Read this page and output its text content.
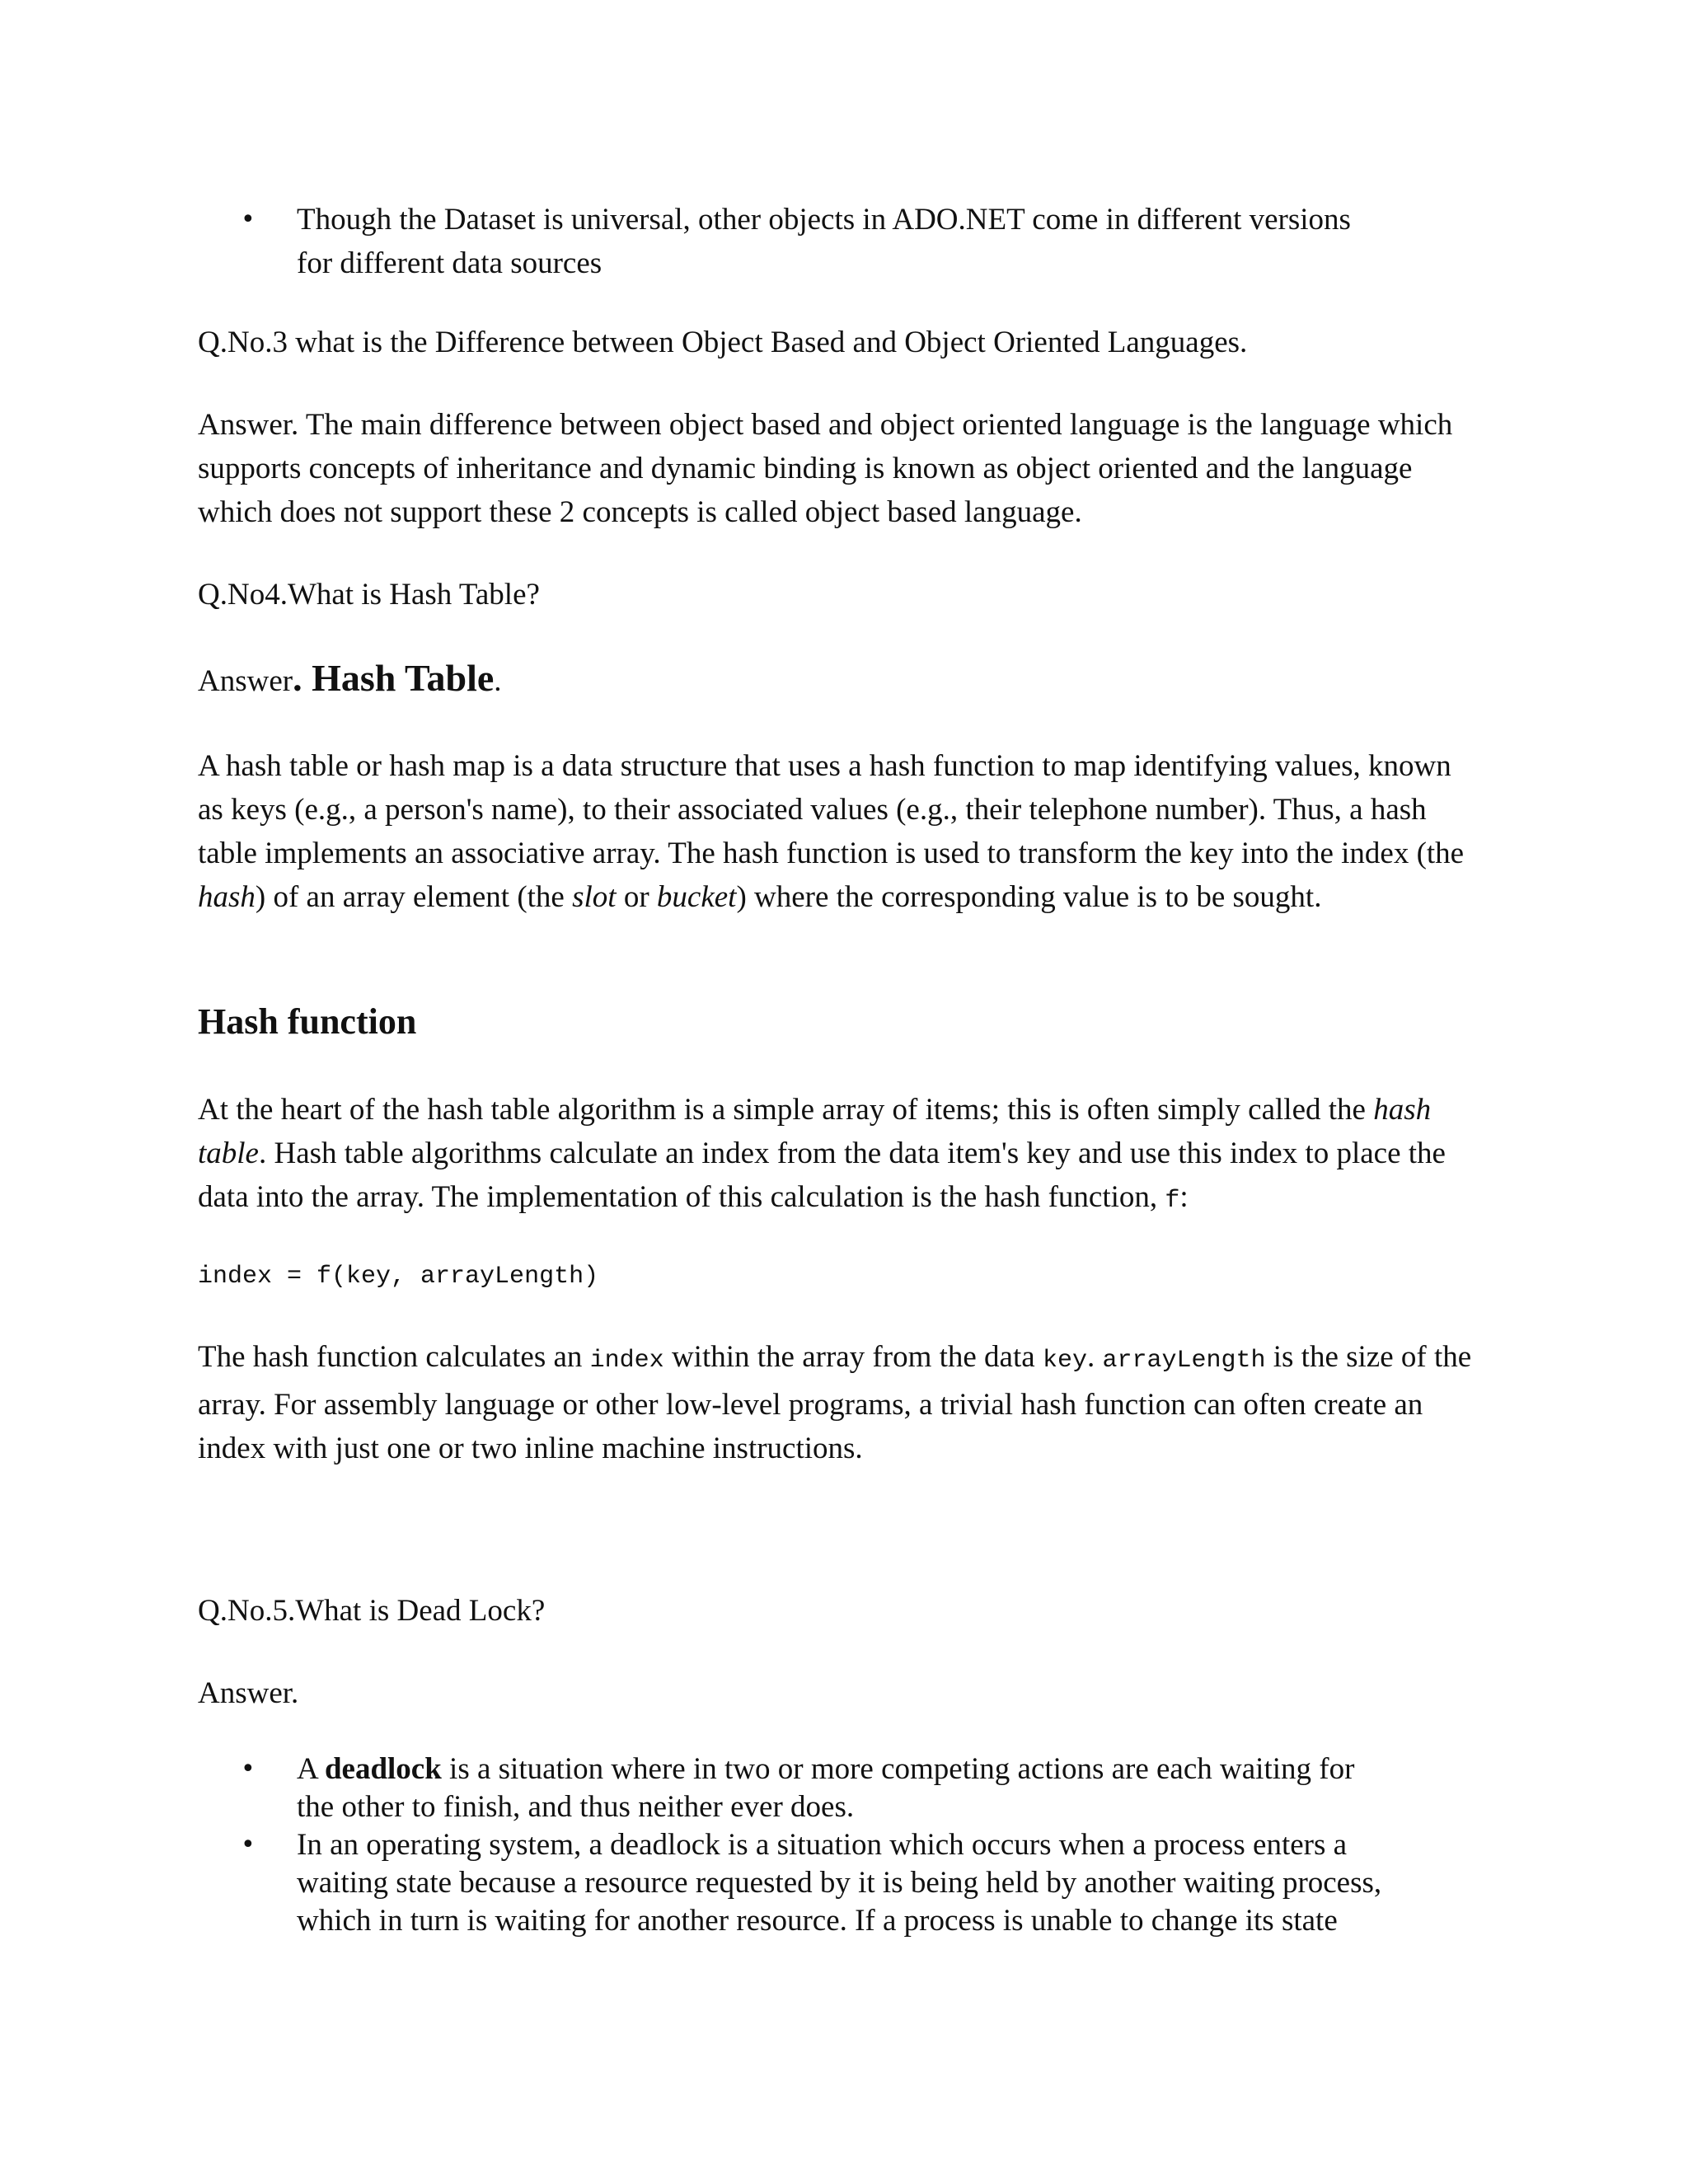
• Though the Dataset is universal, other objects in ADO.NET come in different versions
for different data sources

Q.No.3 what is the Difference between Object Based and Object Oriented Languages.

Answer. The main difference between object based and object oriented language is the language which supports concepts of inheritance and dynamic binding is known as object oriented and the language which does not support these 2 concepts is called object based language.

Q.No4.What is Hash Table?

Answer. Hash Table.

A hash table or hash map is a data structure that uses a hash function to map identifying values, known as keys (e.g., a person's name), to their associated values (e.g., their telephone number). Thus, a hash table implements an associative array. The hash function is used to transform the key into the index (the hash) of an array element (the slot or bucket) where the corresponding value is to be sought.

Hash function

At the heart of the hash table algorithm is a simple array of items; this is often simply called the hash table. Hash table algorithms calculate an index from the data item's key and use this index to place the data into the array. The implementation of this calculation is the hash function, f:

index = f(key, arrayLength)

The hash function calculates an index within the array from the data key. arrayLength is the size of the array. For assembly language or other low-level programs, a trivial hash function can often create an index with just one or two inline machine instructions.

Q.No.5.What is Dead Lock?

Answer.

• A deadlock is a situation where in two or more competing actions are each waiting for
the other to finish, and thus neither ever does.
• In an operating system, a deadlock is a situation which occurs when a process enters a
waiting state because a resource requested by it is being held by another waiting process,
which in turn is waiting for another resource. If a process is unable to change its state
